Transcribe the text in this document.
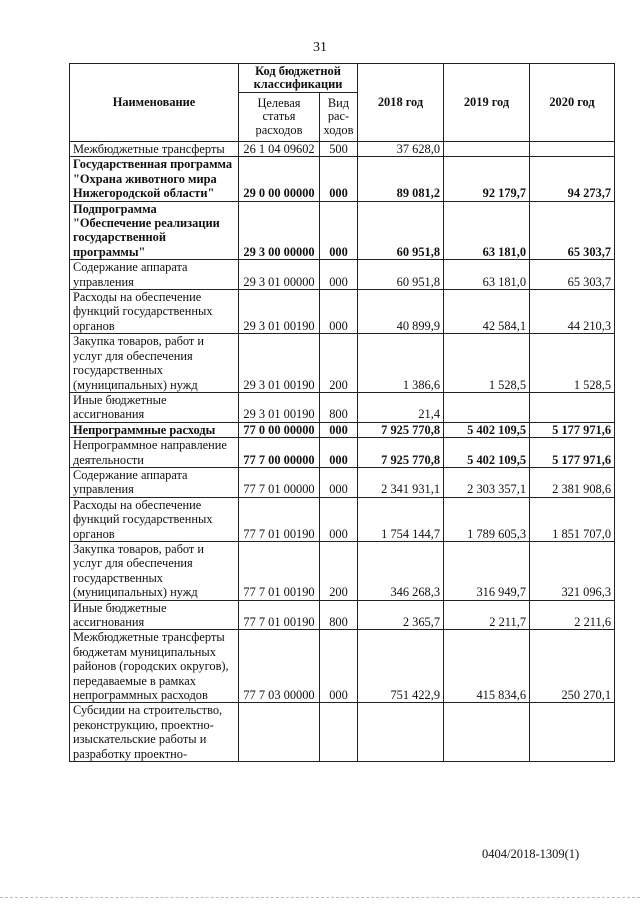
31
Наименование	Код бюджетной классификации		2018 год	2019 год	2020 год
	Целевая статья расходов	Вид рас-ходов			
Межбюджетные трансферты	26 1 04 09602	500	37 628,0		
Государственная программа "Охрана животного мира Нижегородской области"	29 0 00 00000	000	89 081,2	92 179,7	94 273,7
Подпрограмма "Обеспечение реализации государственной программы"	29 3 00 00000	000	60 951,8	63 181,0	65 303,7
Содержание аппарата управления	29 3 01 00000	000	60 951,8	63 181,0	65 303,7
Расходы на обеспечение функций государственных органов	29 3 01 00190	000	40 899,9	42 584,1	44 210,3
Закупка товаров, работ и услуг для обеспечения государственных (муниципальных) нужд	29 3 01 00190	200	1 386,6	1 528,5	1 528,5
Иные бюджетные ассигнования	29 3 01 00190	800	21,4		
Непрограммные расходы	77 0 00 00000	000	7 925 770,8	5 402 109,5	5 177 971,6
Непрограммное направление деятельности	77 7 00 00000	000	7 925 770,8	5 402 109,5	5 177 971,6
Содержание аппарата управления	77 7 01 00000	000	2 341 931,1	2 303 357,1	2 381 908,6
Расходы на обеспечение функций государственных органов	77 7 01 00190	000	1 754 144,7	1 789 605,3	1 851 707,0
Закупка товаров, работ и услуг для обеспечения государственных (муниципальных) нужд	77 7 01 00190	200	346 268,3	316 949,7	321 096,3
Иные бюджетные ассигнования	77 7 01 00190	800	2 365,7	2 211,7	2 211,6
Межбюджетные трансферты бюджетам муниципальных районов (городских округов), передаваемые в рамках непрограммных расходов	77 7 03 00000	000	751 422,9	415 834,6	250 270,1
Субсидии на строительство, реконструкцию, проектно-изыскательские работы и разработку проектно-					
0404/2018-1309(1)
